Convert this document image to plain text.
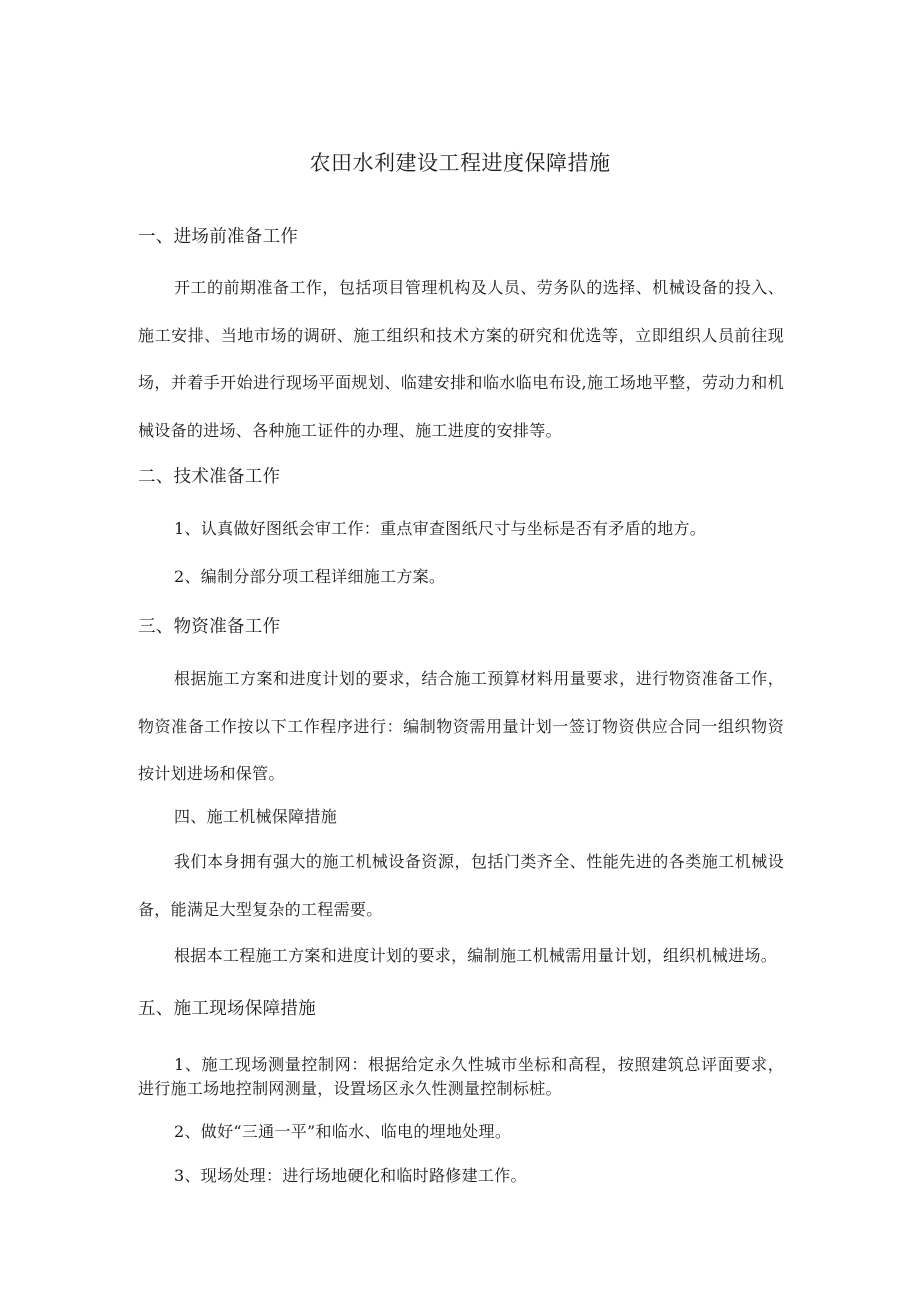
农田水利建设工程进度保障措施
一、进场前准备工作
开工的前期准备工作，包括项目管理机构及人员、劳务队的选择、机械设备的投入、施工安排、当地市场的调研、施工组织和技术方案的研究和优选等，立即组织人员前往现场，并着手开始进行现场平面规划、临建安排和临水临电布设,施工场地平整，劳动力和机械设备的进场、各种施工证件的办理、施工进度的安排等。
二、技术准备工作
1、认真做好图纸会审工作：重点审查图纸尺寸与坐标是否有矛盾的地方。
2、编制分部分项工程详细施工方案。
三、物资准备工作
根据施工方案和进度计划的要求，结合施工预算材料用量要求，进行物资准备工作，物资准备工作按以下工作程序进行：编制物资需用量计划一签订物资供应合同一组织物资按计划进场和保管。
四、施工机械保障措施
我们本身拥有强大的施工机械设备资源，包括门类齐全、性能先进的各类施工机械设备，能满足大型复杂的工程需要。
根据本工程施工方案和进度计划的要求，编制施工机械需用量计划，组织机械进场。
五、施工现场保障措施
1、施工现场测量控制网：根据给定永久性城市坐标和高程，按照建筑总评面要求，进行施工场地控制网测量，设置场区永久性测量控制标桩。
2、做好“三通一平”和临水、临电的埋地处理。
3、现场处理：进行场地硬化和临时路修建工作。
